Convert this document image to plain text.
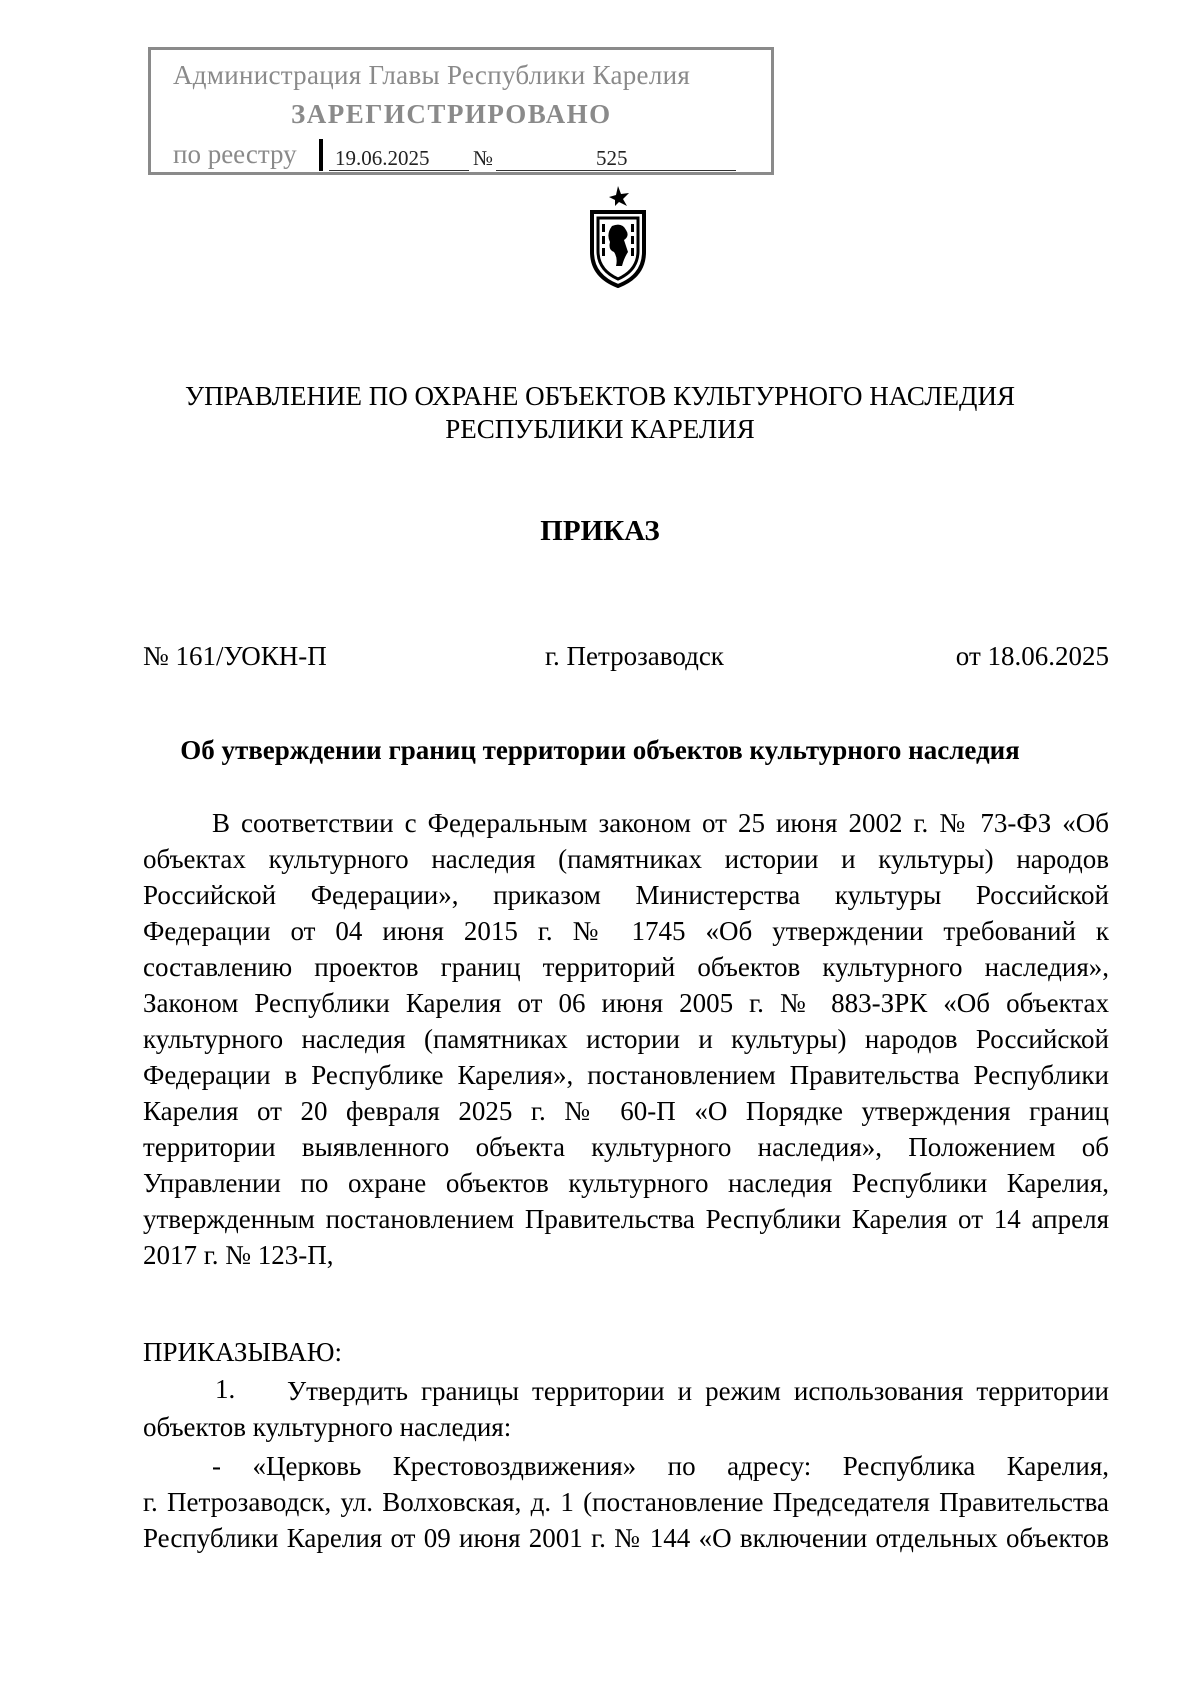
Администрация Главы Республики Карелия
ЗАРЕГИСТРИРОВАНО
по реестру 19.06.2025 №	525
УПРАВЛЕНИЕ ПО ОХРАНЕ ОБЪЕКТОВ КУЛЬТУРНОГО НАСЛЕДИЯ
РЕСПУБЛИКИ КАРЕЛИЯ
ПРИКАЗ
№ 161/УОКН-П	г. Петрозаводск	от 18.06.2025
Об утверждении границ территории объектов культурного наследия
В соответствии с Федеральным законом от 25 июня 2002 г. № 73-ФЗ «Об
объектах культурного наследия (памятниках истории и культуры) народов
Российской Федерации», приказом Министерства культуры Российской
Федерации от 04 июня 2015 г. № 1745 «Об утверждении требований к
составлению проектов границ территорий объектов культурного наследия»,
Законом Республики Карелия от 06 июня 2005 г. № 883-ЗРК «Об объектах
культурного наследия (памятниках истории и культуры) народов Российской
Федерации в Республике Карелия», постановлением Правительства Республики
Карелия от 20 февраля 2025 г. № 60-П «О Порядке утверждения границ
территории выявленного объекта культурного наследия», Положением об
Управлении по охране объектов культурного наследия Республики Карелия,
утвержденным постановлением Правительства Республики Карелия от 14 апреля
2017 г. № 123-П,
ПРИКАЗЫВАЮ:
1.	Утвердить границы территории и режим использования территории
объектов культурного наследия:
- «Церковь Крестовоздвижения» по адресу: Республика Карелия,
г. Петрозаводск, ул. Волховская, д. 1 (постановление Председателя Правительства
Республики Карелия от 09 июня 2001 г. № 144 «О включении отдельных объектов
